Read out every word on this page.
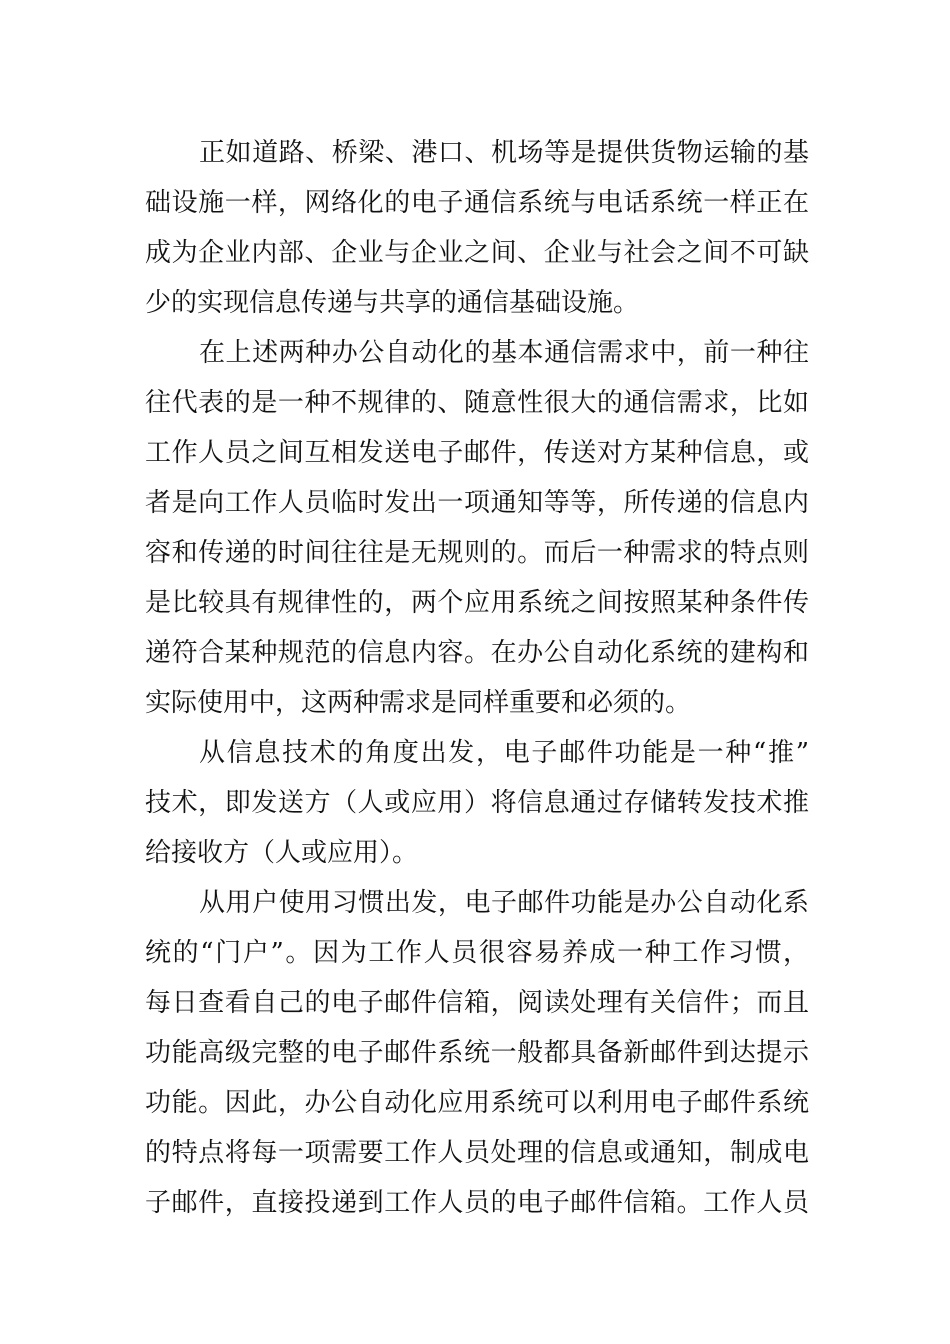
正如道路、桥梁、港口、机场等是提供货物运输的基
础设施一样，网络化的电子通信系统与电话系统一样正在
成为企业内部、企业与企业之间、企业与社会之间不可缺
少的实现信息传递与共享的通信基础设施。
在上述两种办公自动化的基本通信需求中，前一种往
往代表的是一种不规律的、随意性很大的通信需求，比如
工作人员之间互相发送电子邮件，传送对方某种信息，或
者是向工作人员临时发出一项通知等等，所传递的信息内
容和传递的时间往往是无规则的。而后一种需求的特点则
是比较具有规律性的，两个应用系统之间按照某种条件传
递符合某种规范的信息内容。在办公自动化系统的建构和
实际使用中，这两种需求是同样重要和必须的。
从信息技术的角度出发，电子邮件功能是一种“推”
技术，即发送方（人或应用）将信息通过存储转发技术推
给接收方（人或应用）。
从用户使用习惯出发，电子邮件功能是办公自动化系
统的“门户”。因为工作人员很容易养成一种工作习惯，
每日查看自己的电子邮件信箱，阅读处理有关信件；而且
功能高级完整的电子邮件系统一般都具备新邮件到达提示
功能。因此，办公自动化应用系统可以利用电子邮件系统
的特点将每一项需要工作人员处理的信息或通知，制成电
子邮件，直接投递到工作人员的电子邮件信箱。工作人员
